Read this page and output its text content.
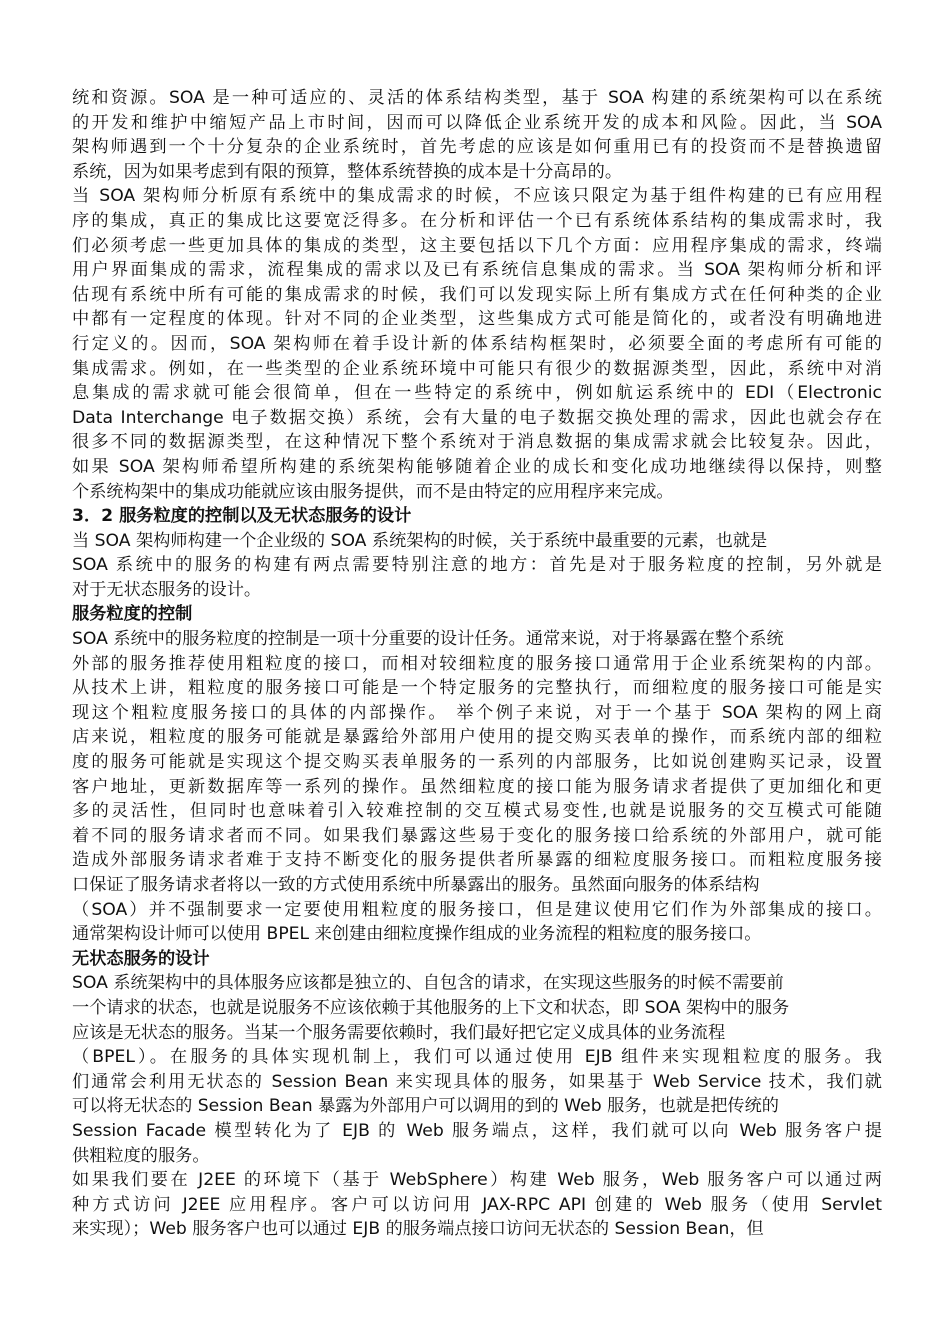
统和资源。SOA 是一种可适应的、灵活的体系结构类型，基于 SOA 构建的系统架构可以在系统
的开发和维护中缩短产品上市时间，因而可以降低企业系统开发的成本和风险。因此，当 SOA
架构师遇到一个十分复杂的企业系统时，首先考虑的应该是如何重用已有的投资而不是替换遗留
系统，因为如果考虑到有限的预算，整体系统替换的成本是十分高昂的。
当 SOA 架构师分析原有系统中的集成需求的时候，不应该只限定为基于组件构建的已有应用程
序的集成，真正的集成比这要宽泛得多。在分析和评估一个已有系统体系结构的集成需求时，我
们必须考虑一些更加具体的集成的类型，这主要包括以下几个方面：应用程序集成的需求，终端
用户界面集成的需求，流程集成的需求以及已有系统信息集成的需求。当 SOA 架构师分析和评
估现有系统中所有可能的集成需求的时候，我们可以发现实际上所有集成方式在任何种类的企业
中都有一定程度的体现。针对不同的企业类型，这些集成方式可能是简化的，或者没有明确地进
行定义的。因而，SOA 架构师在着手设计新的体系结构框架时，必须要全面的考虑所有可能的
集成需求。例如，在一些类型的企业系统环境中可能只有很少的数据源类型，因此，系统中对消
息集成的需求就可能会很简单，但在一些特定的系统中，例如航运系统中的 EDI（Electronic
Data Interchange 电子数据交换）系统，会有大量的电子数据交换处理的需求，因此也就会存在
很多不同的数据源类型，在这种情况下整个系统对于消息数据的集成需求就会比较复杂。因此，
如果 SOA 架构师希望所构建的系统架构能够随着企业的成长和变化成功地继续得以保持，则整
个系统构架中的集成功能就应该由服务提供，而不是由特定的应用程序来完成。
3．2 服务粒度的控制以及无状态服务的设计
当 SOA 架构师构建一个企业级的 SOA 系统架构的时候，关于系统中最重要的元素，也就是
SOA 系统中的服务的构建有两点需要特别注意的地方：首先是对于服务粒度的控制，另外就是
对于无状态服务的设计。
服务粒度的控制
SOA 系统中的服务粒度的控制是一项十分重要的设计任务。通常来说，对于将暴露在整个系统
外部的服务推荐使用粗粒度的接口，而相对较细粒度的服务接口通常用于企业系统架构的内部。
从技术上讲，粗粒度的服务接口可能是一个特定服务的完整执行，而细粒度的服务接口可能是实
现这个粗粒度服务接口的具体的内部操作。 举个例子来说，对于一个基于 SOA 架构的网上商
店来说，粗粒度的服务可能就是暴露给外部用户使用的提交购买表单的操作，而系统内部的细粒
度的服务可能就是实现这个提交购买表单服务的一系列的内部服务，比如说创建购买记录，设置
客户地址，更新数据库等一系列的操作。虽然细粒度的接口能为服务请求者提供了更加细化和更
多的灵活性，但同时也意味着引入较难控制的交互模式易变性,也就是说服务的交互模式可能随
着不同的服务请求者而不同。如果我们暴露这些易于变化的服务接口给系统的外部用户，就可能
造成外部服务请求者难于支持不断变化的服务提供者所暴露的细粒度服务接口。而粗粒度服务接
口保证了服务请求者将以一致的方式使用系统中所暴露出的服务。虽然面向服务的体系结构
（SOA）并不强制要求一定要使用粗粒度的服务接口，但是建议使用它们作为外部集成的接口。
通常架构设计师可以使用 BPEL 来创建由细粒度操作组成的业务流程的粗粒度的服务接口。
无状态服务的设计
SOA 系统架构中的具体服务应该都是独立的、自包含的请求，在实现这些服务的时候不需要前
一个请求的状态，也就是说服务不应该依赖于其他服务的上下文和状态，即 SOA 架构中的服务
应该是无状态的服务。当某一个服务需要依赖时，我们最好把它定义成具体的业务流程
（BPEL）。在服务的具体实现机制上，我们可以通过使用 EJB 组件来实现粗粒度的服务。我
们通常会利用无状态的 Session Bean 来实现具体的服务，如果基于 Web Service 技术，我们就
可以将无状态的 Session Bean 暴露为外部用户可以调用的到的 Web 服务，也就是把传统的
Session Facade 模型转化为了 EJB 的 Web 服务端点，这样，我们就可以向 Web 服务客户提
供粗粒度的服务。
如果我们要在 J2EE 的环境下（基于 WebSphere）构建 Web 服务，Web 服务客户可以通过两
种方式访问 J2EE 应用程序。客户可以访问用 JAX-RPC API 创建的 Web 服务（使用 Servlet
来实现）；Web 服务客户也可以通过 EJB 的服务端点接口访问无状态的 Session Bean，但
